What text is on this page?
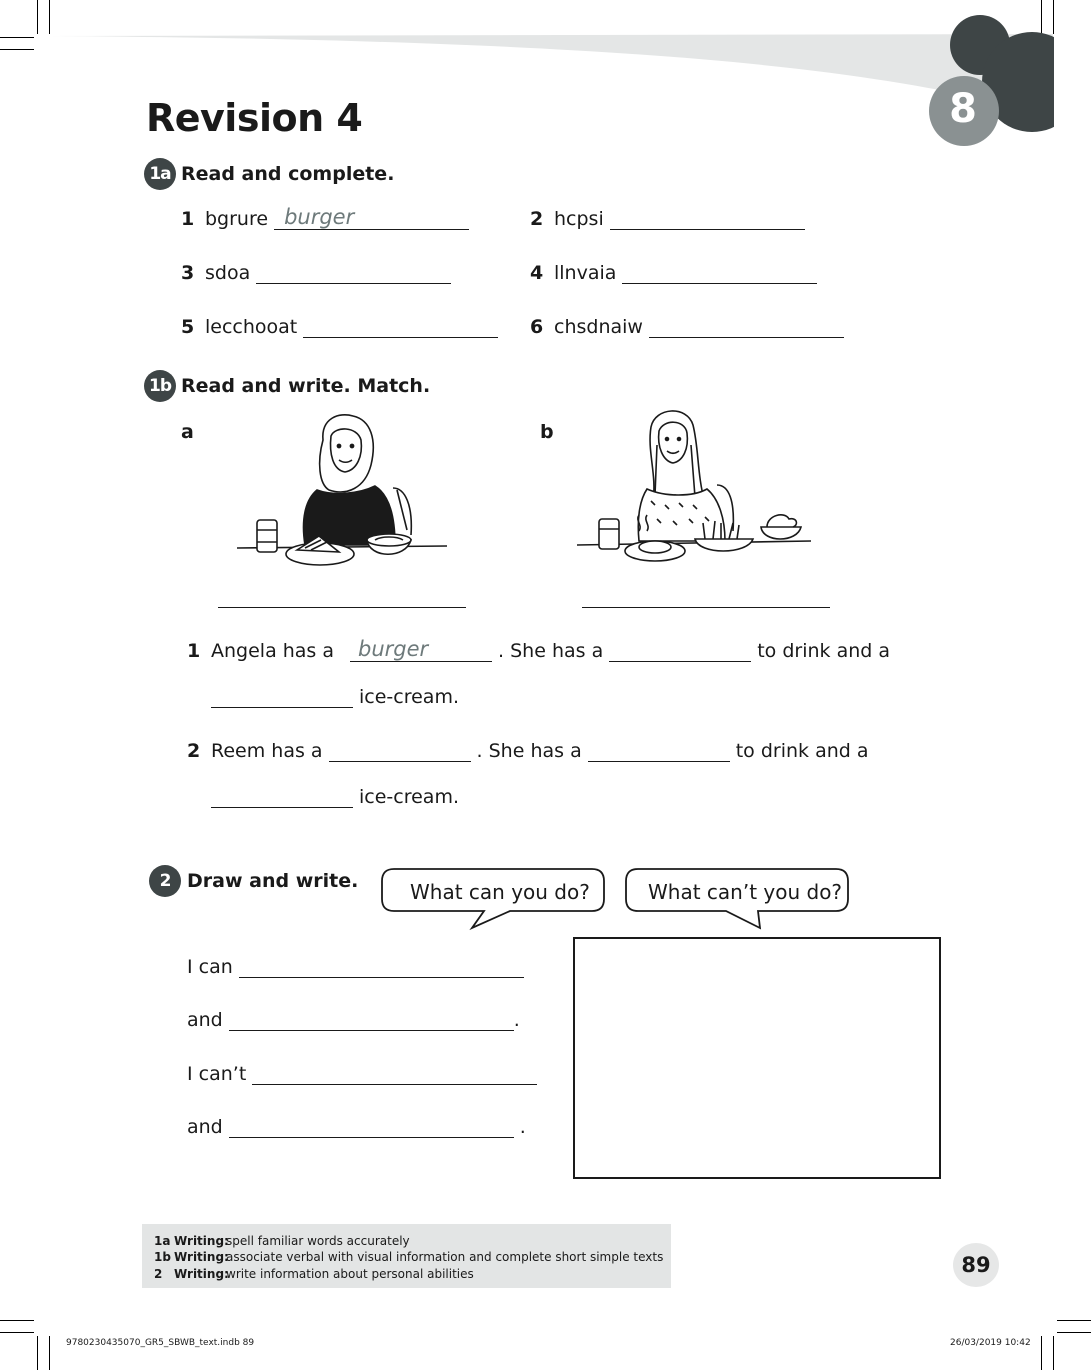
8
Revision 4
1a Read and complete.
1 bgrure burger	2 hcpsi
3 sdoa	4 llnvaia
5 lecchooat	6 chsdnaiw
1b Read and write. Match.
a	b
1 Angela has a burger	. She has a	to drink and a
ice-cream.
2 Reem has a	. She has a	to drink and a
ice-cream.
2 Draw and write.	What can you do?	What can’t you do?
I can
and	.
I can’t
and	.
1a Writing:spell familiar words accurately
1b Writing:associate verbal with visual information and complete short simple texts
2 Writing:write information about personal abilities	89
9780230435070_GR5_SBWB_text.indb 89	26/03/2019 10:42
